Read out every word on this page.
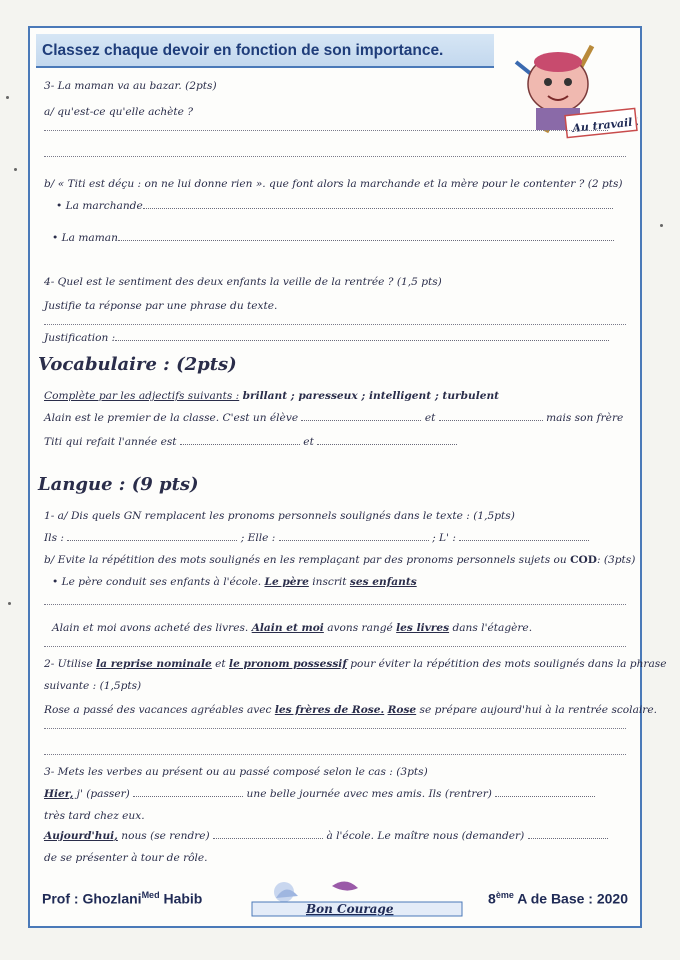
Classez chaque devoir en fonction de son importance.
Au travail !
3- La maman va au bazar. (2pts)
a/ qu'est-ce qu'elle achète ?
b/ « Titi est déçu : on ne lui donne rien ». que font alors la marchande et la mère pour le contenter ? (2 pts)
• La marchande
• La maman
4- Quel est le sentiment des deux enfants la veille de la rentrée ? (1,5 pts)
Justifie ta réponse par une phrase du texte.
Justification :
Vocabulaire : (2pts)
Complète par les adjectifs suivants : brillant ; paresseux ; intelligent ; turbulent
Alain est le premier de la classe. C'est un élève	et	mais son frère
Titi qui refait l'année est	et
Langue : (9 pts)
1- a/ Dis quels GN remplacent les pronoms personnels soulignés dans le texte : (1,5pts)
Ils :	; Elle :	; L' :
b/ Evite la répétition des mots soulignés en les remplaçant par des pronoms personnels sujets ou COD: (3pts)
• Le père conduit ses enfants à l'école. Le père inscrit ses enfants
Alain et moi avons acheté des livres. Alain et moi avons rangé les livres dans l'étagère.
2- Utilise la reprise nominale et le pronom possessif pour éviter la répétition des mots soulignés dans la phrase
suivante : (1,5pts)
Rose a passé des vacances agréables avec les frères de Rose. Rose se prépare aujourd'hui à la rentrée scolaire.
3- Mets les verbes au présent ou au passé composé selon le cas : (3pts)
Hier, j' (passer)	une belle journée avec mes amis. Ils (rentrer)
très tard chez eux.
Aujourd'hui, nous (se rendre)	à l'école. Le maître nous (demander)
de se présenter à tour de rôle.
Prof : Ghozlani$^{Med}$ Habib
Bon Courage
8ème A de Base : 2020
